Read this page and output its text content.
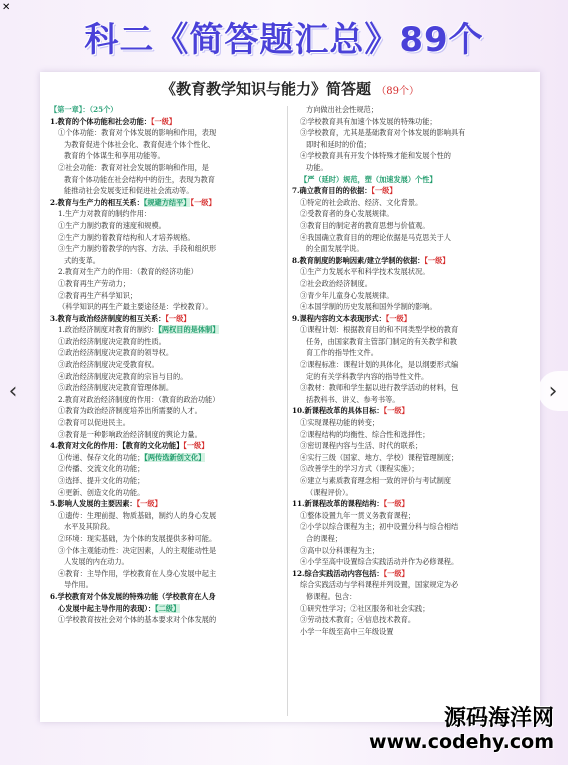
✕
科二《简答题汇总》89个
《教育教学知识与能力》简答题 （89个）
【第一章】：（25个）
1.教育的个体功能和社会功能：【一级】
①个体功能：教育对个体发展的影响和作用，表现
为教育促进个体社会化、教育促进个体个性化、
教育的个体谋生和享用功能等。
②社会功能：教育对社会发展的影响和作用，是
教育个体功能在社会结构中的衍生，表现为教育
能推动社会发展变迁和促进社会流动等。
2.教育与生产力的相互关系：【规避方结平】【一级】
1.生产力对教育的制约作用：
①生产力制约教育的速度和规模。
②生产力制约着教育结构和人才培养规格。
③生产力制约着教学的内容、方法、手段和组织形
式的变革。
2.教育对生产力的作用：（教育的经济功能）
①教育再生产劳动力；
②教育再生产科学知识；
（科学知识的再生产最主要途径是：学校教育）。
3.教育与政治经济制度的相互关系：【一级】
1.政治经济制度对教育的制约：【两权目的是体制】
①政治经济制度决定教育的性质。
②政治经济制度决定教育的领导权。
③政治经济制度决定受教育权。
④政治经济制度决定教育的宗旨与目的。
⑤政治经济制度决定教育管理体制。
2.教育对政治经济制度的作用：（教育的政治功能）
①教育为政治经济制度培养出所需要的人才。
②教育可以促进民主。
③教育是一种影响政治经济制度的舆论力量。
4.教育对文化的作用：【教育的文化功能】【一级】
①传递、保存文化的功能；【两传选新创文化】
②传播、交流文化的功能；
③选择、提升文化的功能；
④更新、创造文化的功能。
5.影响人发展的主要因素：【一级】
①遗传：生理前提、物质基础，制约人的身心发展
水平及其阶段。
②环境：现实基础，为个体的发展提供多种可能。
③个体主观能动性：决定因素，人的主观能动性是
人发展的内在动力。
④教育：主导作用，学校教育在人身心发展中起主
导作用。
6.学校教育对个体发展的特殊功能（学校教育在人身
心发展中起主导作用的表现）：【二级】
①学校教育按社会对个体的基本要求对个体发展的
方向做出社会性规范；
②学校教育具有加速个体发展的特殊功能；
③学校教育，尤其是基础教育对个体发展的影响具有
即时和延时的价值；
④学校教育具有开发个体特殊才能和发展个性的
功能。
【严（延时）规范，塑（加速发展）个性】
7.确立教育目的的依据：【一级】
①特定的社会政治、经济、文化背景。
②受教育者的身心发展规律。
③教育目的制定者的教育思想与价值观。
④我国确立教育目的的理论依据是马克思关于人
的全面发展学说。
8.教育制度的影响因素/建立学制的依据：【一级】
①生产力发展水平和科学技术发展状况。
②社会政治经济制度。
③青少年儿童身心发展规律。
④本国学制的历史发展和国外学制的影响。
9.课程内容的文本表现形式：【一级】
①课程计划：根据教育目的和不同类型学校的教育
任务，由国家教育主管部门制定的有关教学和教
育工作的指导性文件。
②课程标准：课程计划的具体化，是以纲要形式编
定的有关学科教学内容的指导性文件。
③教材：教师和学生据以进行教学活动的材料，包
括教科书、讲义、参考书等。
10.新课程改革的具体目标：【一级】
①实现课程功能的转变；
②课程结构的均衡性、综合性和选择性；
③密切课程内容与生活、时代的联系；
④实行三级（国家、地方、学校）课程管理制度；
⑤改善学生的学习方式（课程实施）；
⑥建立与素质教育理念相一致的评价与考试制度
（课程评价）。
11.新课程改革的课程结构：【一级】
①整体设置九年一贯义务教育课程；
②小学以综合课程为主；初中设置分科与综合相结
合的课程；
③高中以分科课程为主；
④小学至高中设置综合实践活动并作为必修课程。
12.综合实践活动内容包括：【一级】
综合实践活动与学科课程并列设置，国家规定为必
修课程。包含：
①研究性学习；②社区服务和社会实践；
③劳动技术教育；④信息技术教育。
小学一年级至高中三年级设置
‹	›
源码海洋网
www.codehy.com
